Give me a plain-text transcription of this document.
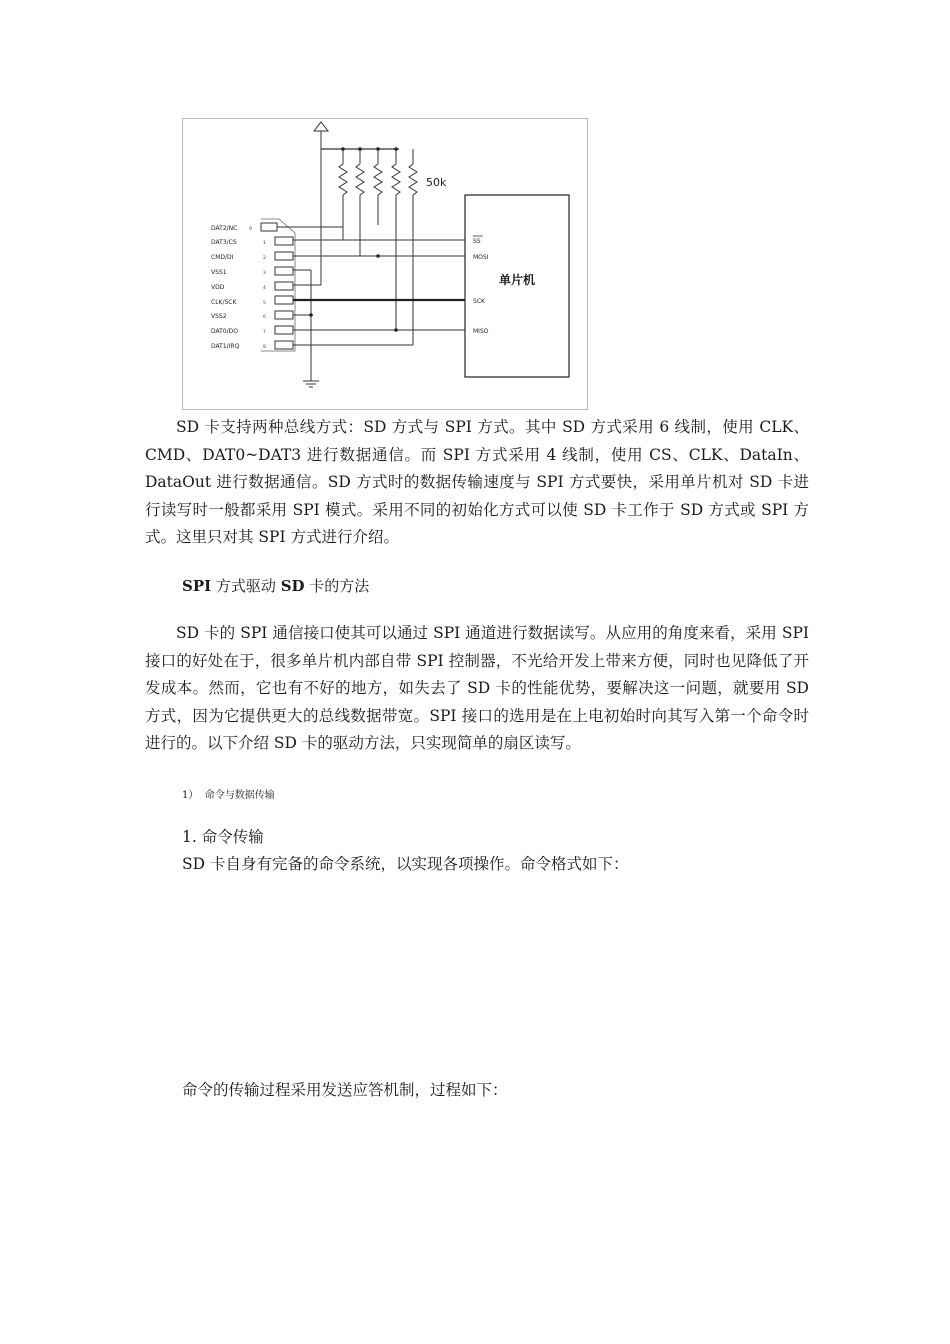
50k
DAT2/NC
DAT3/CS
CMD/DI
VSS1
VDD
CLK/SCK
VSS2
DAT0/DO
DAT1/IRQ
9
1
2
3
4
5
6
7
8
SS
MOSI
SCK
MISO
单片机

SD 卡支持两种总线方式：SD 方式与 SPI 方式。其中 SD 方式采用 6 线制，使用 CLK、CMD、DAT0~DAT3 进行数据通信。而 SPI 方式采用 4 线制，使用 CS、CLK、DataIn、DataOut 进行数据通信。SD 方式时的数据传输速度与 SPI 方式要快，采用单片机对 SD 卡进行读写时一般都采用 SPI 模式。采用不同的初始化方式可以使 SD 卡工作于 SD 方式或 SPI 方式。这里只对其 SPI 方式进行介绍。

SPI 方式驱动 SD 卡的方法

SD 卡的 SPI 通信接口使其可以通过 SPI 通道进行数据读写。从应用的角度来看，采用 SPI 接口的好处在于，很多单片机内部自带 SPI 控制器，不光给开发上带来方便，同时也见降低了开发成本。然而，它也有不好的地方，如失去了 SD 卡的性能优势，要解决这一问题，就要用 SD 方式，因为它提供更大的总线数据带宽。SPI 接口的选用是在上电初始时向其写入第一个命令时进行的。以下介绍 SD 卡的驱动方法，只实现简单的扇区读写。

1） 命令与数据传输

1. 命令传输

SD 卡自身有完备的命令系统，以实现各项操作。命令格式如下：

命令的传输过程采用发送应答机制，过程如下：
